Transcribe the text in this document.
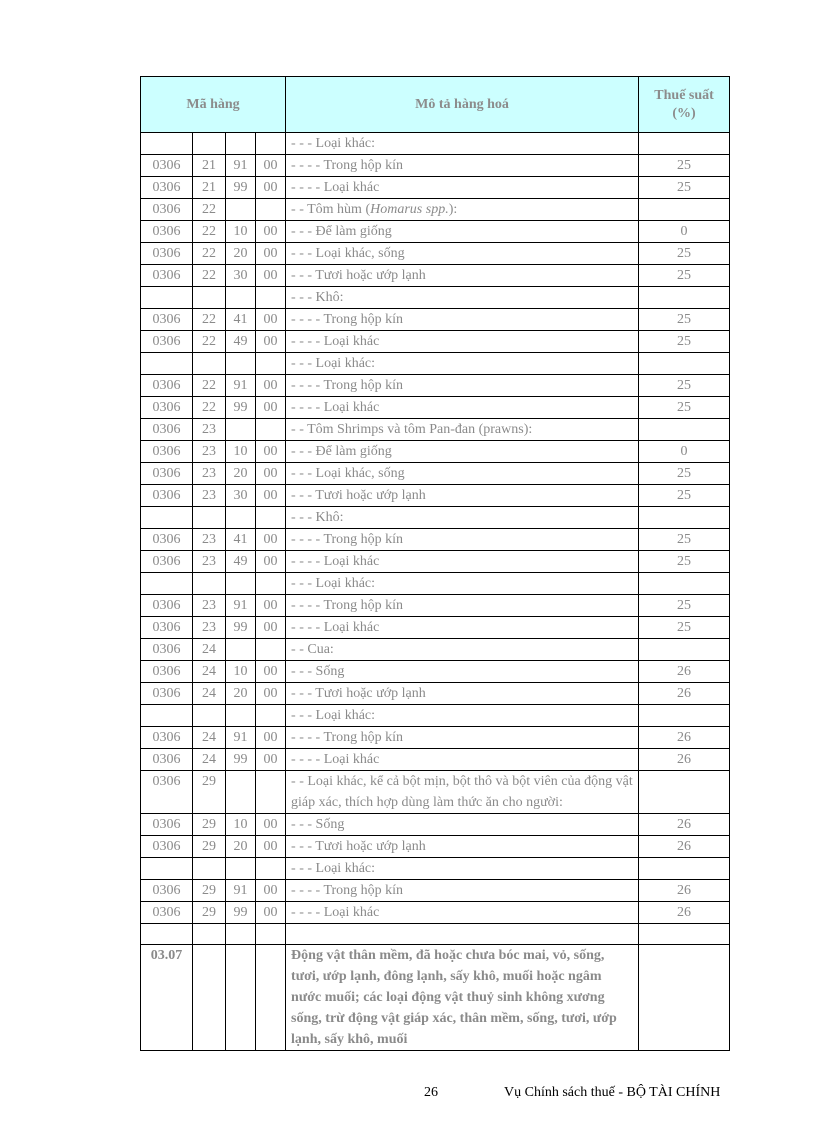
Mã hàng				Mô tả hàng hoá	Thuế suất
(%)
				- - - Loại khác:	
0306	21	91	00	- - - - Trong hộp kín	25
0306	21	99	00	- - - - Loại khác	25
0306	22			- - Tôm hùm (Homarus spp.):	
0306	22	10	00	- - - Để làm giống	0
0306	22	20	00	- - - Loại khác, sống	25
0306	22	30	00	- - - Tươi hoặc ướp lạnh	25
				- - - Khô:	
0306	22	41	00	- - - - Trong hộp kín	25
0306	22	49	00	- - - - Loại khác	25
				- - - Loại khác:	
0306	22	91	00	- - - - Trong hộp kín	25
0306	22	99	00	- - - - Loại khác	25
0306	23			- - Tôm Shrimps và tôm Pan-đan (prawns):	
0306	23	10	00	- - - Để làm giống	0
0306	23	20	00	- - - Loại khác, sống	25
0306	23	30	00	- - - Tươi hoặc ướp lạnh	25
				- - - Khô:	
0306	23	41	00	- - - - Trong hộp kín	25
0306	23	49	00	- - - - Loại khác	25
				- - - Loại khác:	
0306	23	91	00	- - - - Trong hộp kín	25
0306	23	99	00	- - - - Loại khác	25
0306	24			- - Cua:	
0306	24	10	00	- - - Sống	26
0306	24	20	00	- - - Tươi hoặc ướp lạnh	26
				- - - Loại khác:	
0306	24	91	00	- - - - Trong hộp kín	26
0306	24	99	00	- - - - Loại khác	26
0306	29			- - Loại khác, kể cả bột mịn, bột thô và bột viên của động vật giáp xác, thích hợp dùng làm thức ăn cho người:	
0306	29	10	00	- - - Sống	26
0306	29	20	00	- - - Tươi hoặc ướp lạnh	26
				- - - Loại khác:	
0306	29	91	00	- - - - Trong hộp kín	26
0306	29	99	00	- - - - Loại khác	26

03.07				Động vật thân mềm, đã hoặc chưa bóc mai, vỏ, sống, tươi, ướp lạnh, đông lạnh, sấy khô, muối hoặc ngâm nước muối; các loại động vật thuỷ sinh không xương sống, trừ động vật giáp xác, thân mềm, sống, tươi, ướp lạnh, sấy khô, muối	
26	Vụ Chính sách thuế - BỘ TÀI CHÍNH
